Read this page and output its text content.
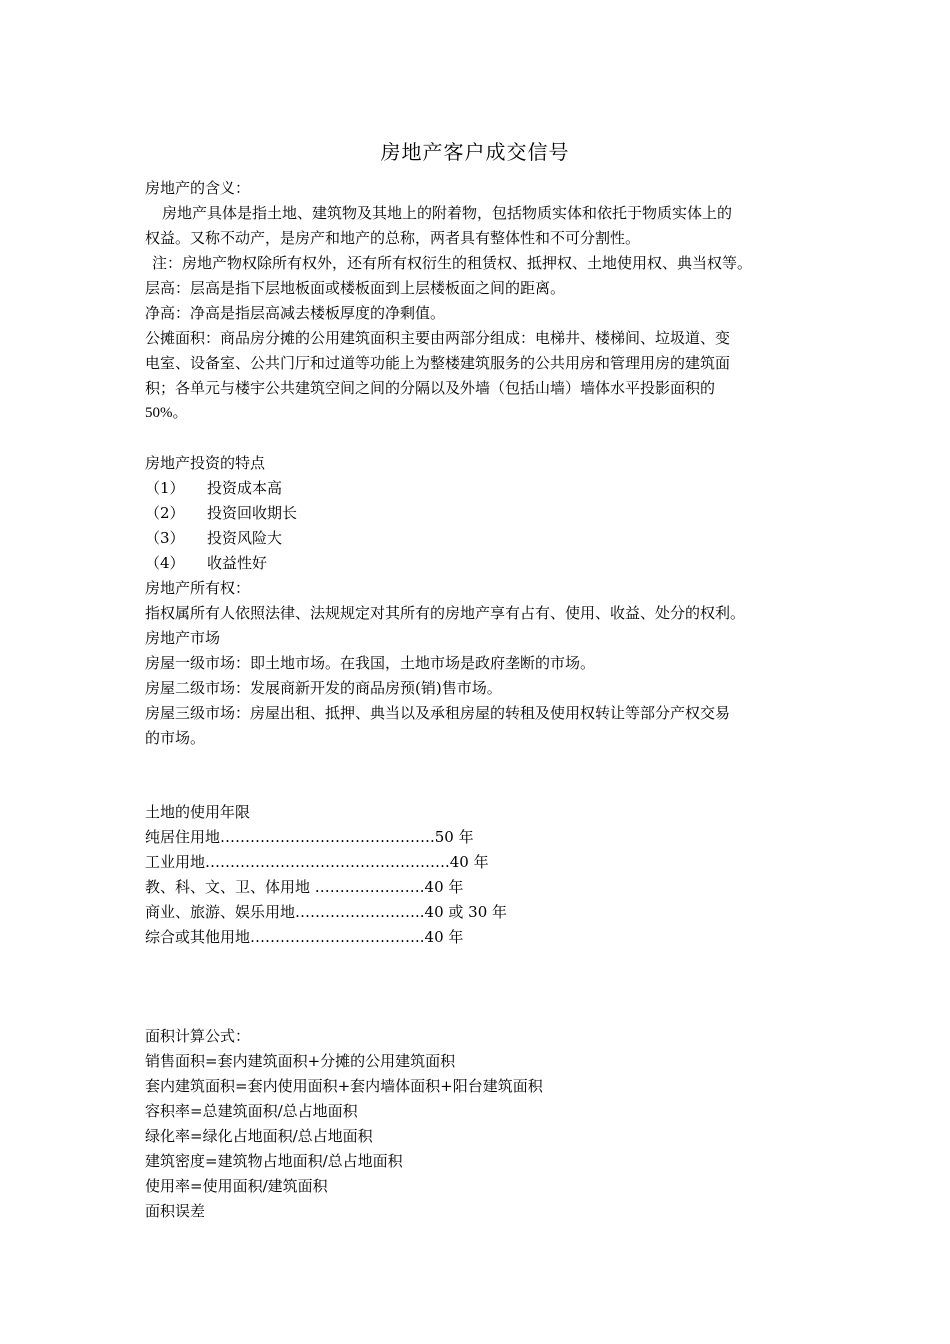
房地产客户成交信号
房地产的含义：
房地产具体是指土地、建筑物及其地上的附着物，包括物质实体和依托于物质实体上的
权益。又称不动产，是房产和地产的总称，两者具有整体性和不可分割性。
注：房地产物权除所有权外，还有所有权衍生的租赁权、抵押权、土地使用权、典当权等。
层高：层高是指下层地板面或楼板面到上层楼板面之间的距离。
净高：净高是指层高减去楼板厚度的净剩值。
公摊面积：商品房分摊的公用建筑面积主要由两部分组成：电梯井、楼梯间、垃圾道、变
电室、设备室、公共门厅和过道等功能上为整楼建筑服务的公共用房和管理用房的建筑面
积；各单元与楼宇公共建筑空间之间的分隔以及外墙（包括山墙）墙体水平投影面积的
50%。
房地产投资的特点
（1） 投资成本高
（2） 投资回收期长
（3） 投资风险大
（4） 收益性好
房地产所有权：
指权属所有人依照法律、法规规定对其所有的房地产享有占有、使用、收益、处分的权利。
房地产市场
房屋一级市场：即土地市场。在我国，土地市场是政府垄断的市场。
房屋二级市场：发展商新开发的商品房预(销)售市场。
房屋三级市场：房屋出租、抵押、典当以及承租房屋的转租及使用权转让等部分产权交易
的市场。
土地的使用年限
纯居住用地…………………………………….50 年
工业用地………………………………………….40 年
教、科、文、卫、体用地 ………………….40 年
商业、旅游、娱乐用地……………………..40 或 30 年
综合或其他用地……………………………..40 年
面积计算公式：
销售面积=套内建筑面积+分摊的公用建筑面积
套内建筑面积=套内使用面积+套内墙体面积+阳台建筑面积
容积率=总建筑面积/总占地面积
绿化率=绿化占地面积/总占地面积
建筑密度=建筑物占地面积/总占地面积
使用率=使用面积/建筑面积
面积误差
